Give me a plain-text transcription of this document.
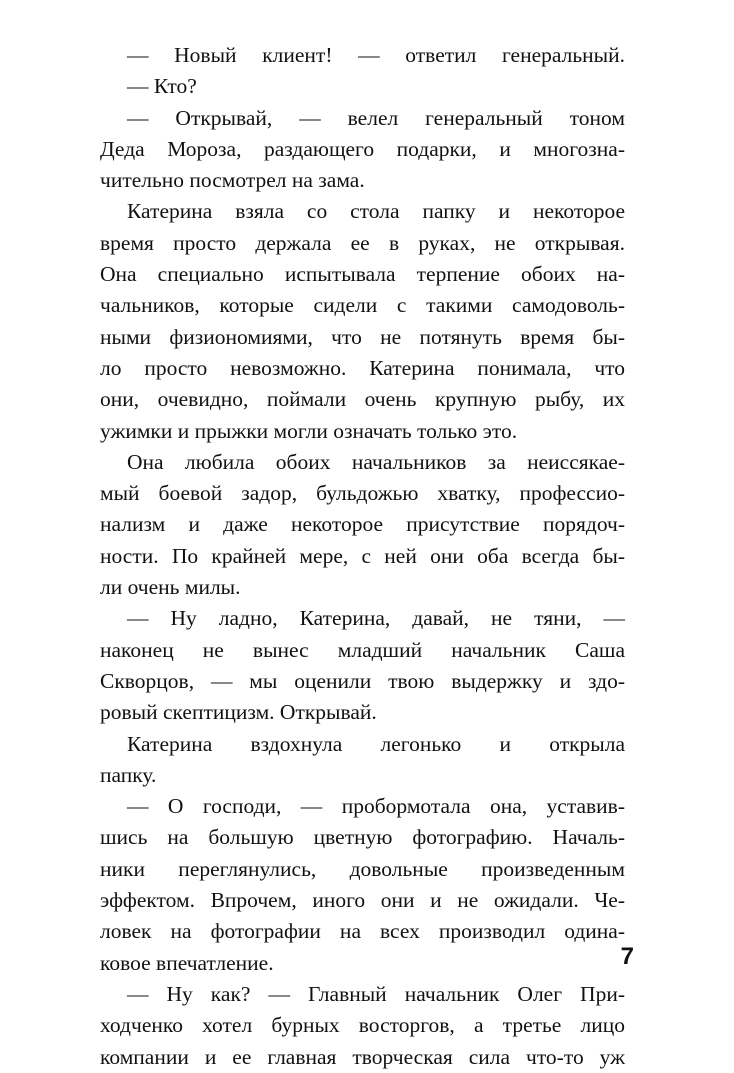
— Новый клиент! — ответил генеральный.
— Кто?
— Открывай, — велел генеральный тоном
Деда Мороза, раздающего подарки, и многозна-
чительно посмотрел на зама.
Катерина взяла со стола папку и некоторое
время просто держала ее в руках, не открывая.
Она специально испытывала терпение обоих на-
чальников, которые сидели с такими самодоволь-
ными физиономиями, что не потянуть время бы-
ло просто невозможно. Катерина понимала, что
они, очевидно, поймали очень крупную рыбу, их
ужимки и прыжки могли означать только это.
Она любила обоих начальников за неиссякае-
мый боевой задор, бульдожью хватку, профессио-
нализм и даже некоторое присутствие порядоч-
ности. По крайней мере, с ней они оба всегда бы-
ли очень милы.
— Ну ладно, Катерина, давай, не тяни, —
наконец не вынес младший начальник Саша
Скворцов, — мы оценили твою выдержку и здо-
ровый скептицизм. Открывай.
Катерина вздохнула легонько и открыла
папку.
— О господи, — пробормотала она, уставив-
шись на большую цветную фотографию. Началь-
ники переглянулись, довольные произведенным
эффектом. Впрочем, иного они и не ожидали. Че-
ловек на фотографии на всех производил одина-
ковое впечатление.
— Ну как? — Главный начальник Олег При-
ходченко хотел бурных восторгов, а третье лицо
компании и ее главная творческая сила что-то уж
7
